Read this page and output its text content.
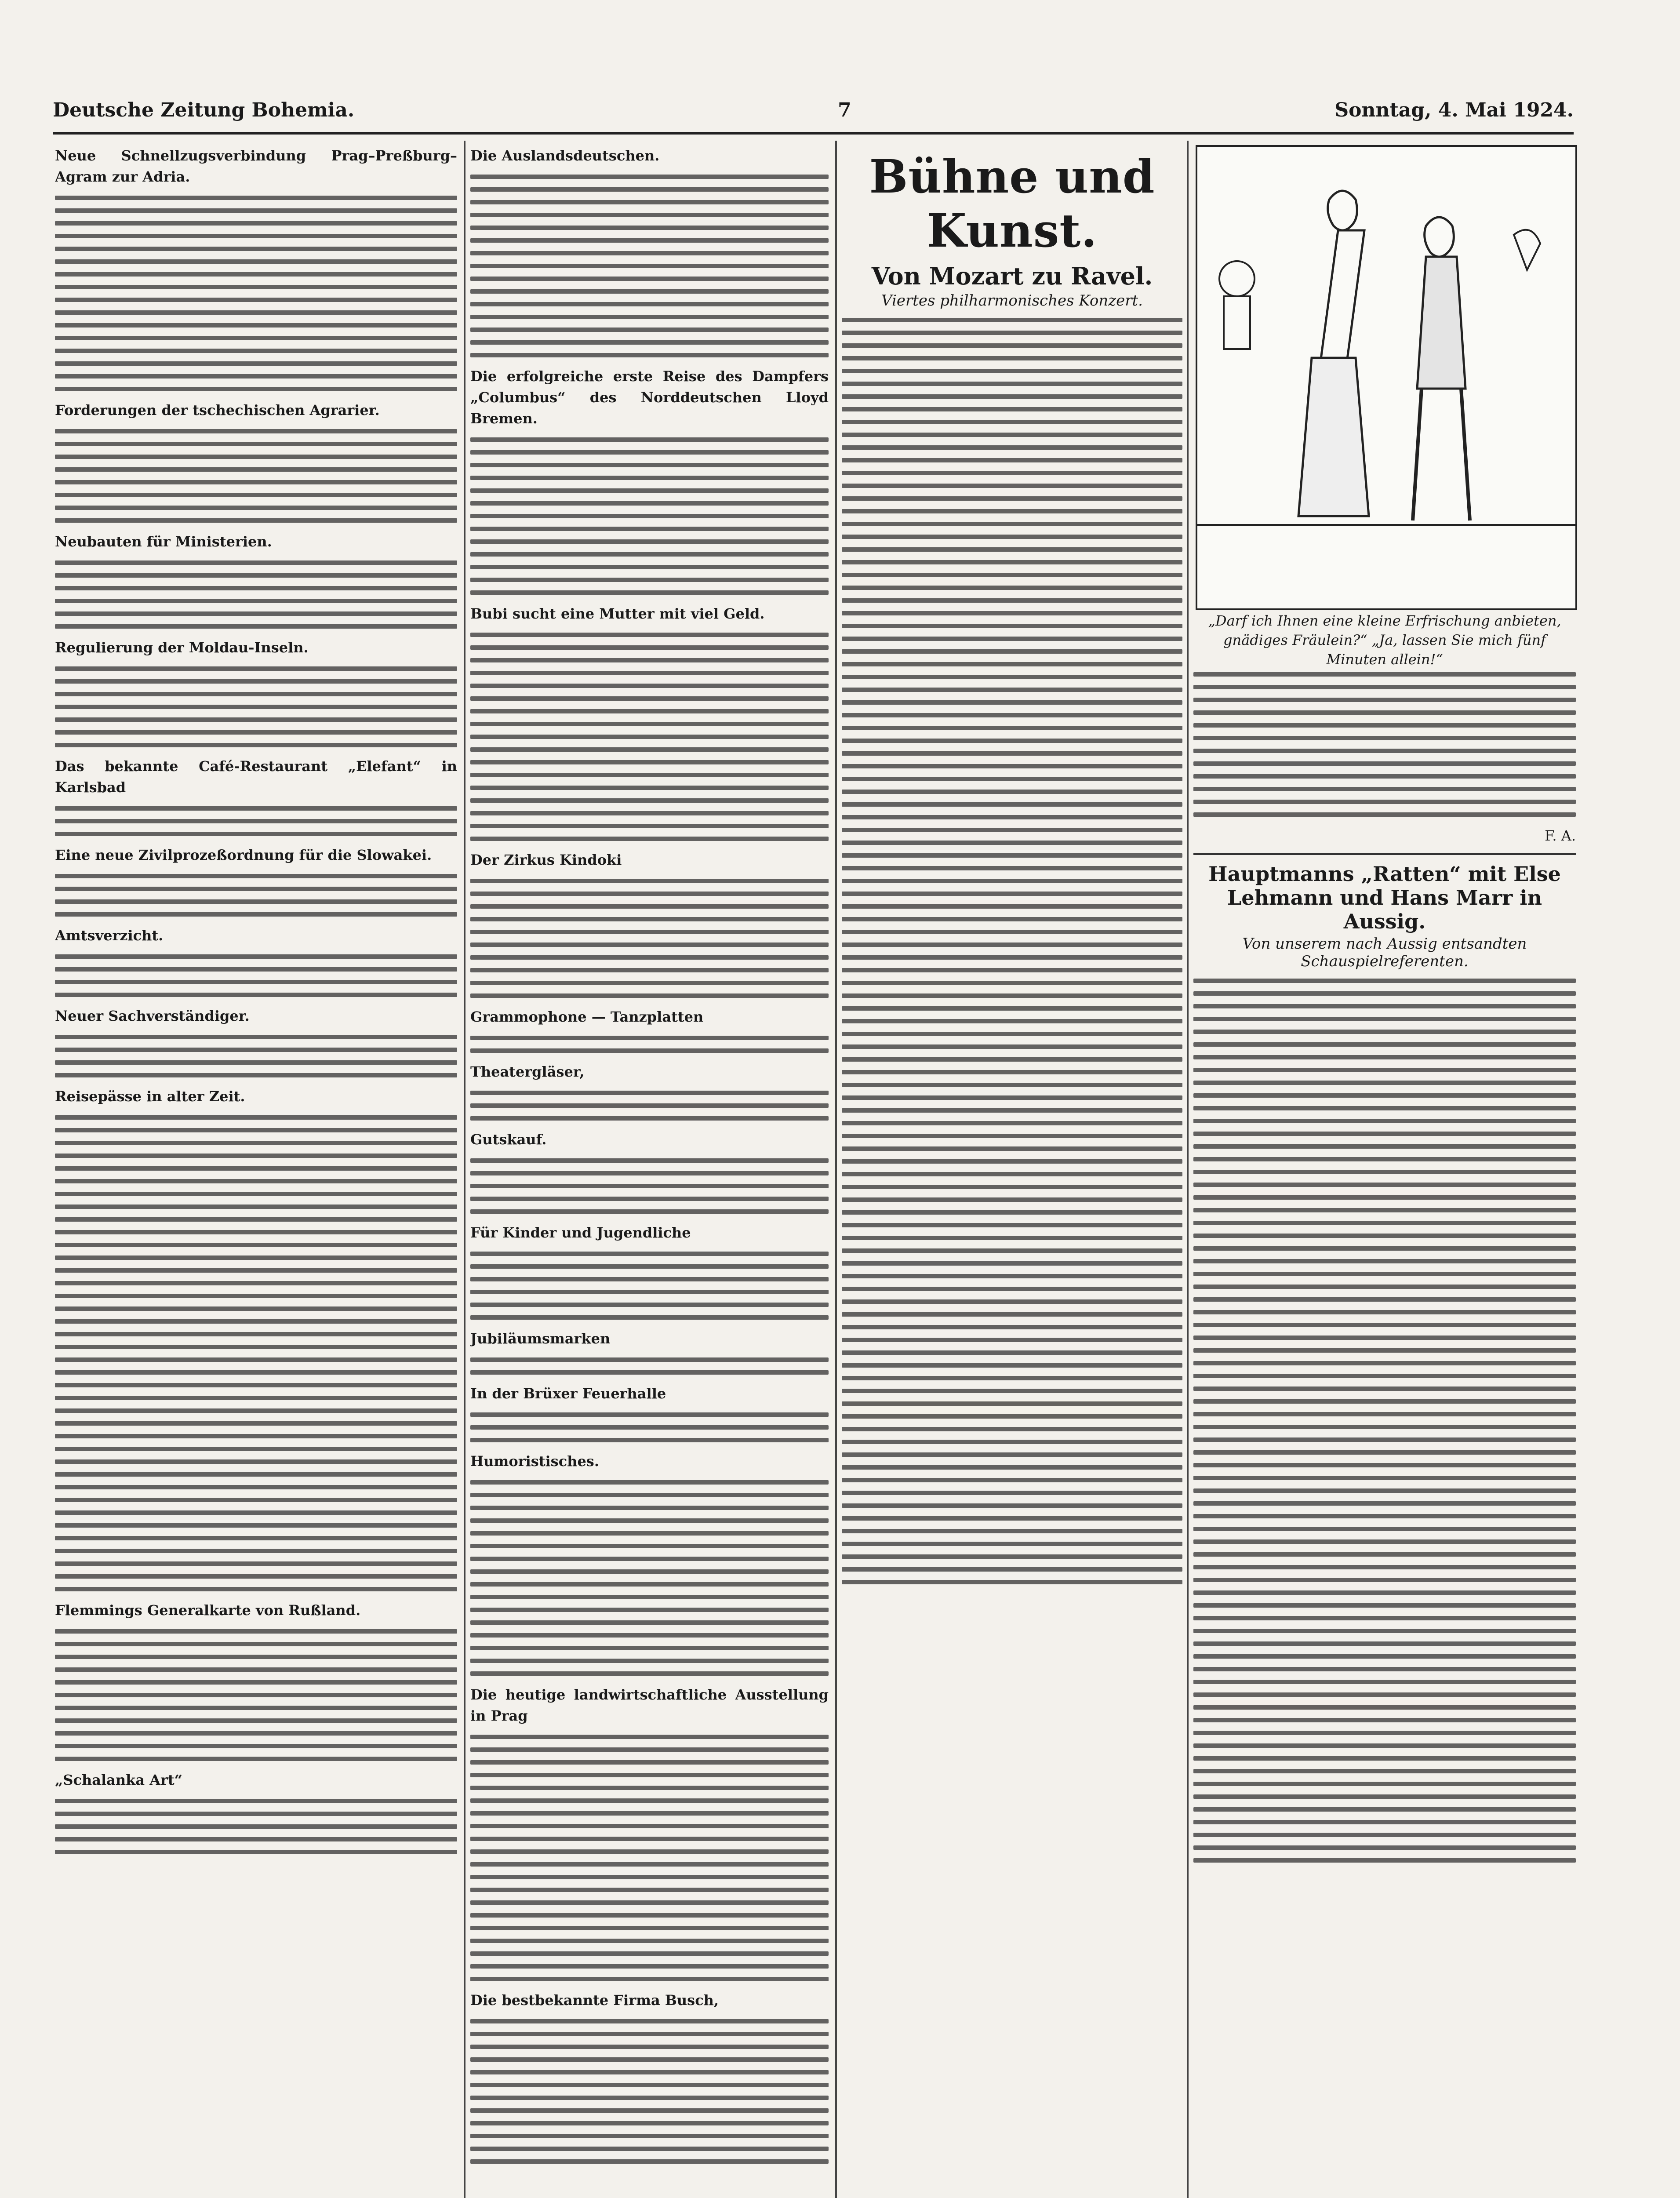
Deutsche Zeitung Bohemia.	7	Sonntag, 4. Mai 1924.

Neue Schnellzugsverbindung Prag–Preßburg–Agram zur Adria.

Forderungen der tschechischen Agrarier.

Neubauten für Ministerien.

Regulierung der Moldau-Inseln.

Das bekannte Café-Restaurant „Elefant“ in Karlsbad

Eine neue Zivilprozeßordnung für die Slowakei.

Amtsverzicht.

Neuer Sachverständiger.

Reisepässe in alter Zeit.

Flemmings Generalkarte von Rußland.

„Schalanka Art“

Die Auslandsdeutschen.

Die erfolgreiche erste Reise des Dampfers „Columbus“ des Norddeutschen Lloyd Bremen.

Bubi sucht eine Mutter mit viel Geld.

Der Zirkus Kindoki

Grammophone — Tanzplatten

Theatergläser,

Gutskauf.

Für Kinder und Jugendliche

Jubiläumsmarken

In der Brüxer Feuerhalle

Humoristisches.

Die heutige landwirtschaftliche Ausstellung in Prag

Die bestbekannte Firma Busch,

Bühne und Kunst.
Von Mozart zu Ravel.
Viertes philharmonisches Konzert.
„Darf ich Ihnen eine kleine Erfrischung anbieten, gnädiges Fräulein?“ „Ja, lassen Sie mich fünf Minuten allein!“

F. A.

Hauptmanns „Ratten“ mit Else Lehmann und Hans Marr in Aussig.
Von unserem nach Aussig entsandten Schauspielreferenten.
